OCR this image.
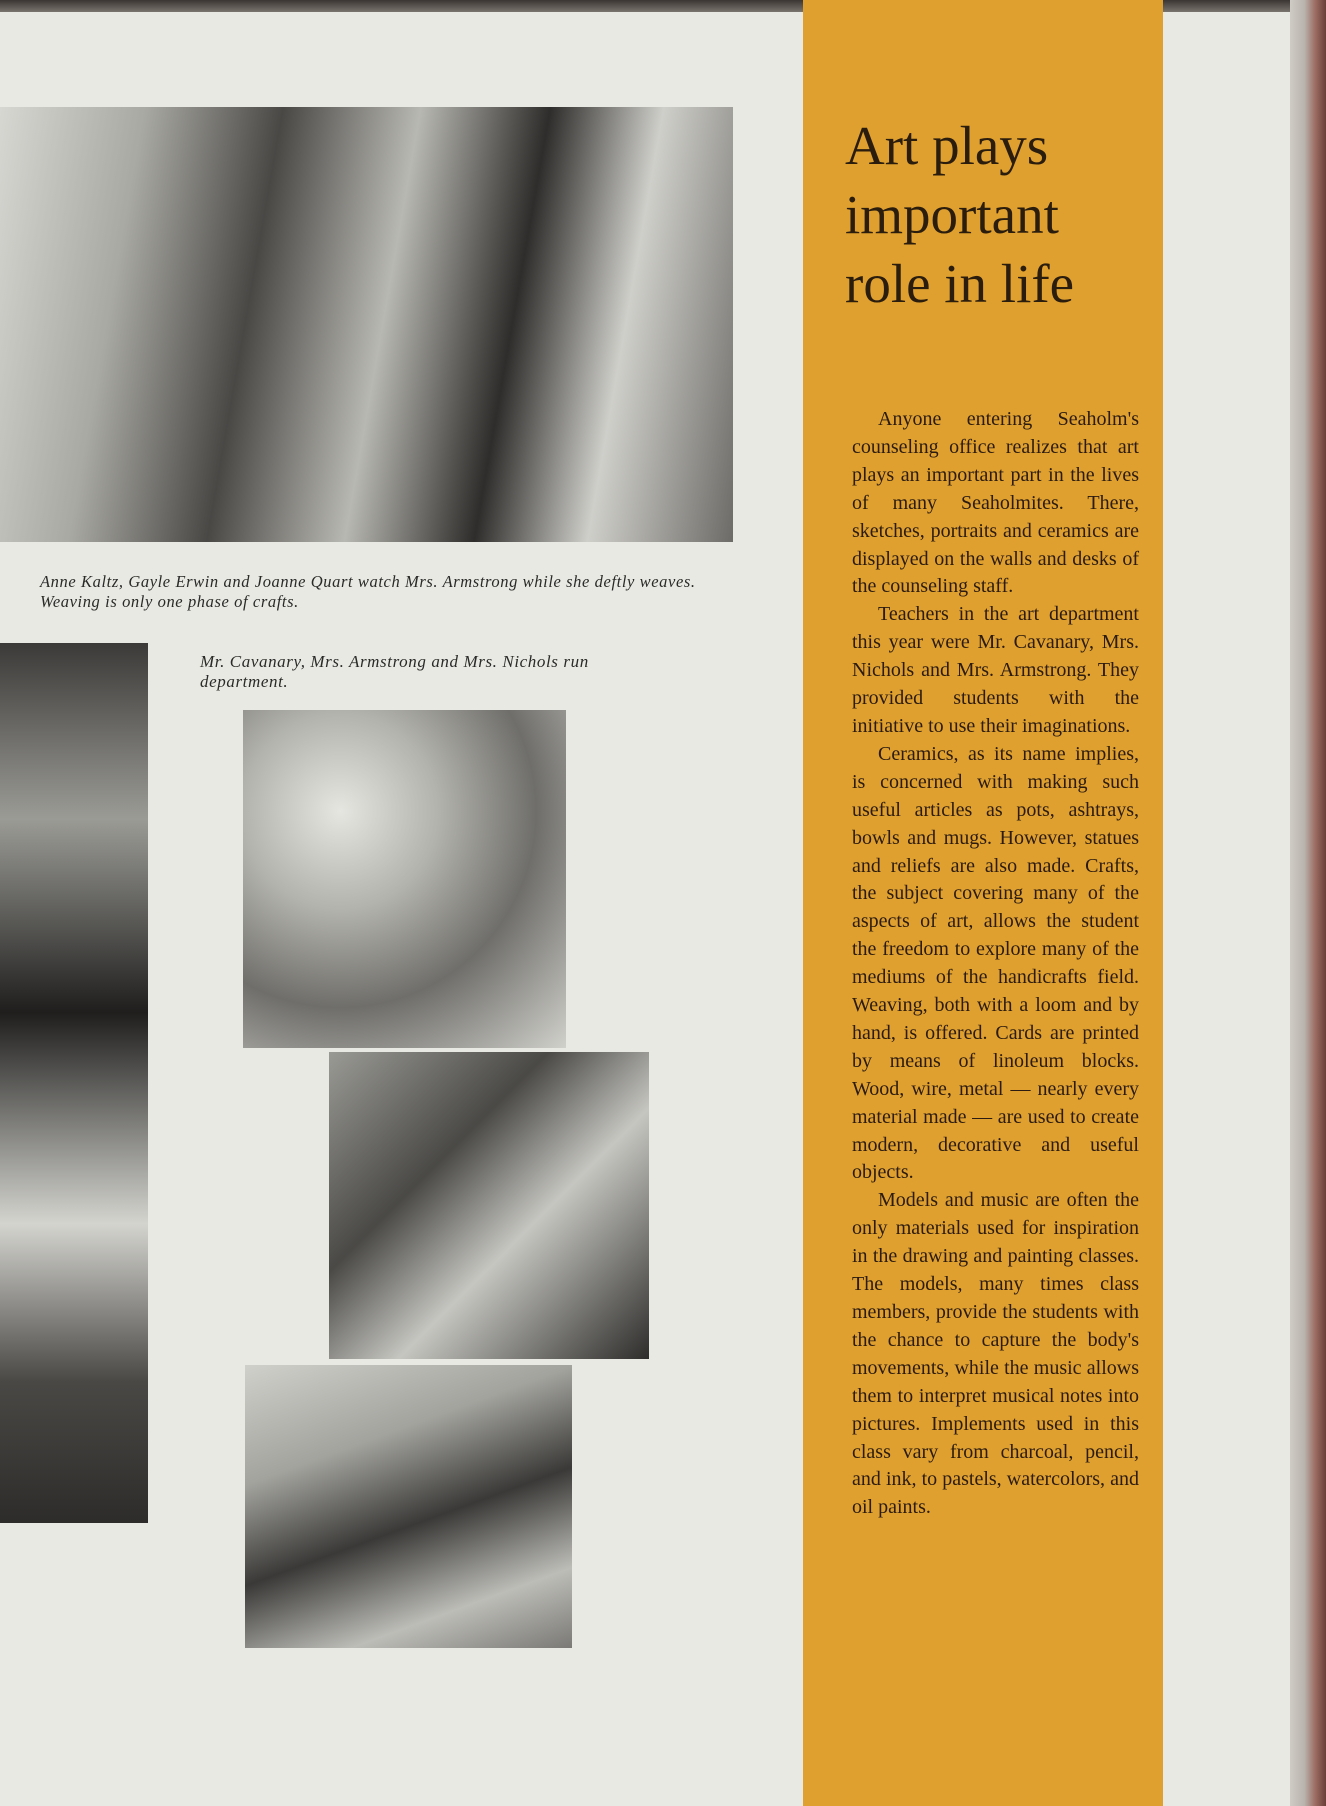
Anne Kaltz, Gayle Erwin and Joanne Quart watch Mrs. Armstrong while she deftly weaves. Weaving is only one phase of crafts.

Mr. Cavanary, Mrs. Armstrong and Mrs. Nichols run department.

Art plays
important
role in life

Anyone entering Seaholm's counseling office realizes that art plays an important part in the lives of many Seaholmites. There, sketches, portraits and ceramics are displayed on the walls and desks of the counseling staff.

Teachers in the art department this year were Mr. Cavanary, Mrs. Nichols and Mrs. Armstrong. They provided students with the initiative to use their imaginations.

Ceramics, as its name implies, is concerned with making such useful articles as pots, ashtrays, bowls and mugs. However, statues and reliefs are also made. Crafts, the subject covering many of the aspects of art, allows the student the freedom to explore many of the mediums of the handicrafts field. Weaving, both with a loom and by hand, is offered. Cards are printed by means of linoleum blocks. Wood, wire, metal — nearly every material made — are used to create modern, decorative and useful objects.

Models and music are often the only materials used for inspiration in the drawing and painting classes. The models, many times class members, provide the students with the chance to capture the body's movements, while the music allows them to interpret musical notes into pictures. Implements used in this class vary from charcoal, pencil, and ink, to pastels, watercolors, and oil paints.
